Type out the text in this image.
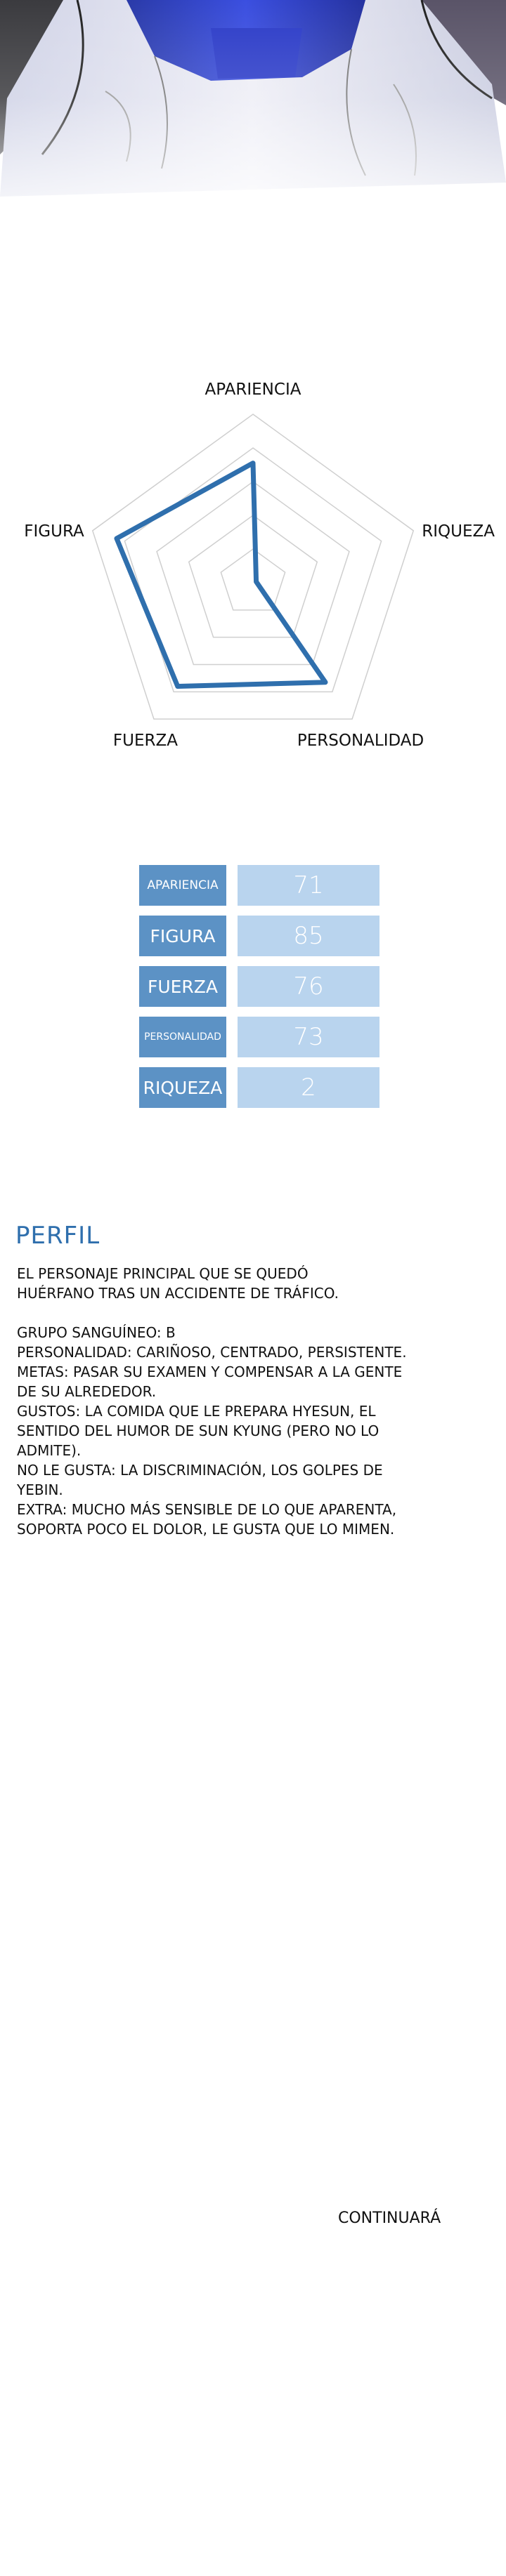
APARIENCIA
RIQUEZA
PERSONALIDAD
FUERZA
FIGURA
APARIENCIA	71
FIGURA	85
FUERZA	76
PERSONALIDAD	73
RIQUEZA	2
PERFIL

EL PERSONAJE PRINCIPAL QUE SE QUEDÓ

HUÉRFANO TRAS UN ACCIDENTE DE TRÁFICO.

GRUPO SANGUÍNEO: B

PERSONALIDAD: CARIÑOSO, CENTRADO, PERSISTENTE.

METAS: PASAR SU EXAMEN Y COMPENSAR A LA GENTE

DE SU ALREDEDOR.

GUSTOS: LA COMIDA QUE LE PREPARA HYESUN, EL

SENTIDO DEL HUMOR DE SUN KYUNG (PERO NO LO

ADMITE).

NO LE GUSTA: LA DISCRIMINACIÓN, LOS GOLPES DE

YEBIN.

EXTRA: MUCHO MÁS SENSIBLE DE LO QUE APARENTA,

SOPORTA POCO EL DOLOR, LE GUSTA QUE LO MIMEN.

CONTINUARÁ
